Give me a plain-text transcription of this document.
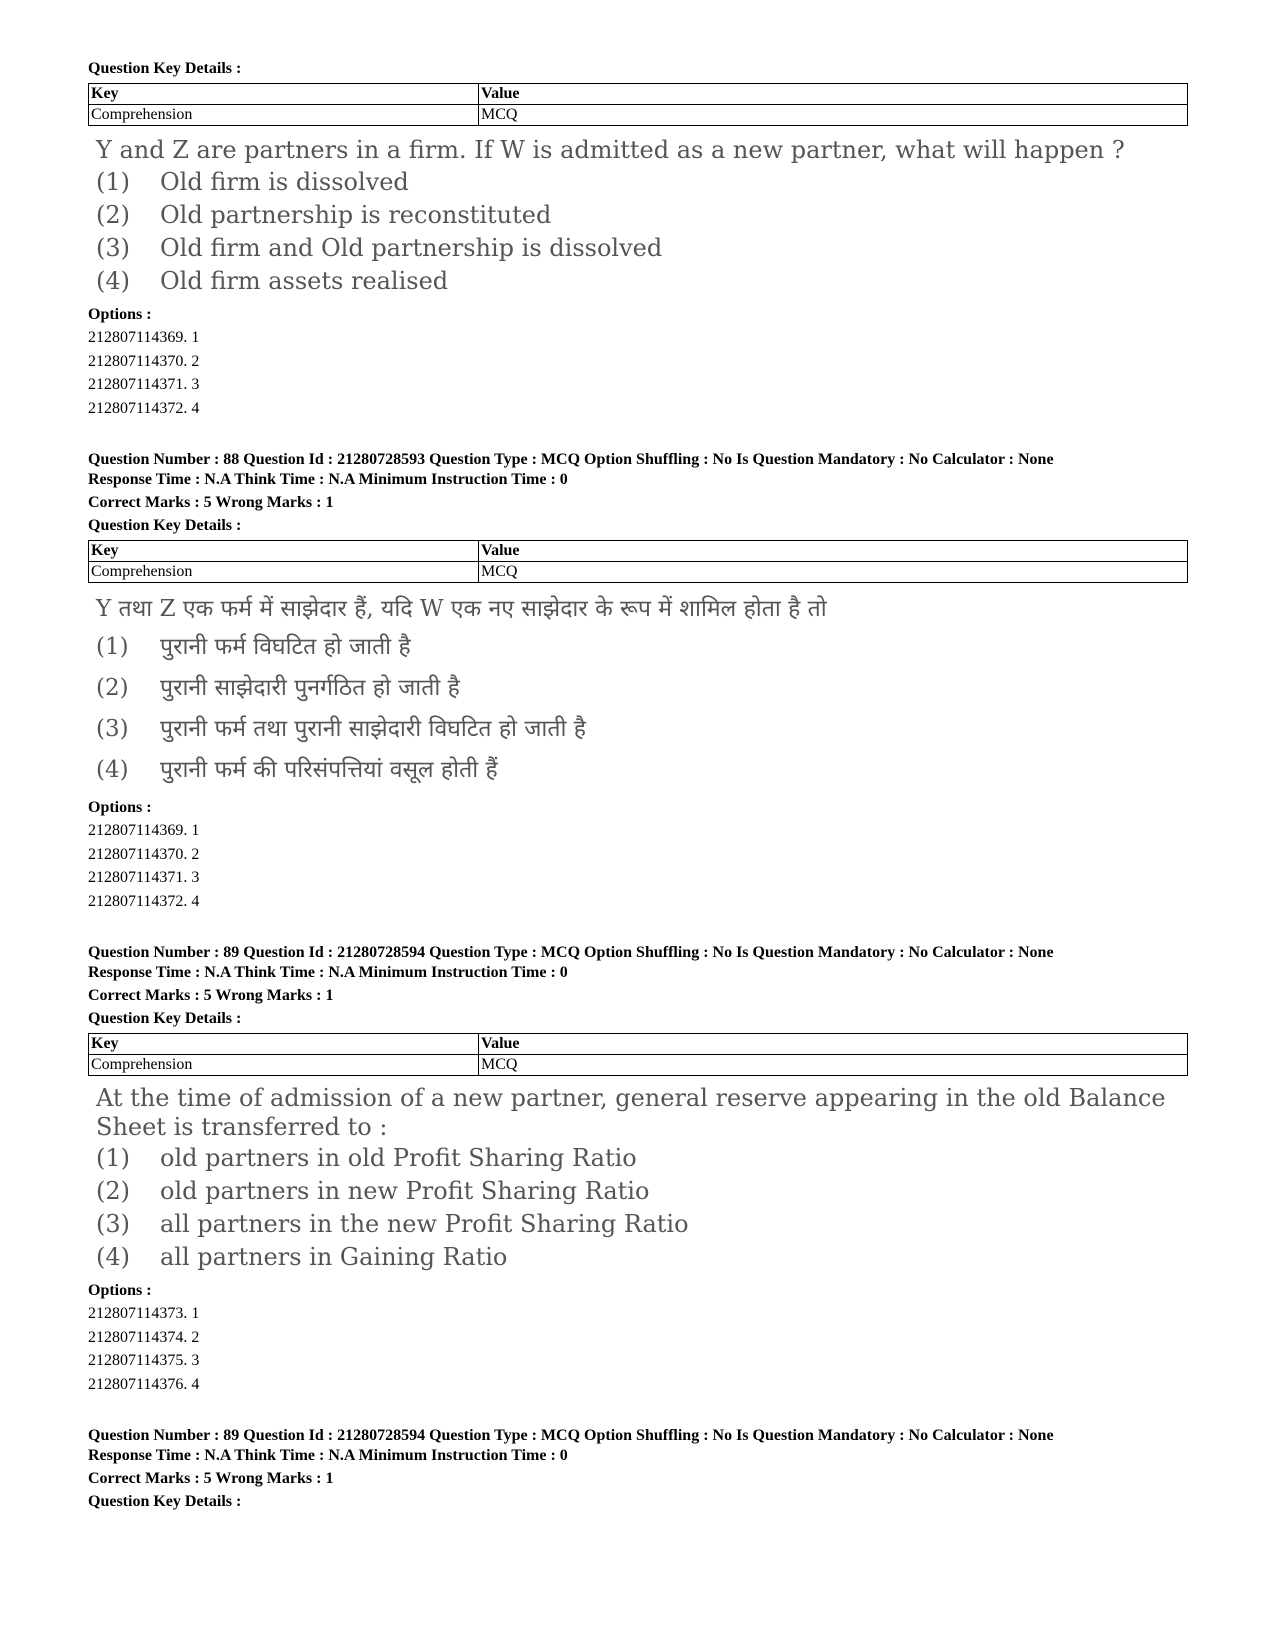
Question Key Details :
Key	Value
Comprehension	MCQ
Y and Z are partners in a firm. If W is admitted as a new partner, what will happen ?
(1)	Old firm is dissolved
(2)	Old partnership is reconstituted
(3)	Old firm and Old partnership is dissolved
(4)	Old firm assets realised
Options :
212807114369. 1
212807114370. 2
212807114371. 3
212807114372. 4
Question Number : 88 Question Id : 21280728593 Question Type : MCQ Option Shuffling : No Is Question Mandatory : No Calculator : None
Response Time : N.A Think Time : N.A Minimum Instruction Time : 0
Correct Marks : 5 Wrong Marks : 1
Question Key Details :
Key	Value
Comprehension	MCQ
Y तथा Z एक फर्म में साझेदार हैं, यदि W एक नए साझेदार के रूप में शामिल होता है तो
(1)	पुरानी फर्म विघटित हो जाती है
(2)	पुरानी साझेदारी पुनर्गठित हो जाती है
(3)	पुरानी फर्म तथा पुरानी साझेदारी विघटित हो जाती है
(4)	पुरानी फर्म की परिसंपत्तियां वसूल होती हैं
Options :
212807114369. 1
212807114370. 2
212807114371. 3
212807114372. 4
Question Number : 89 Question Id : 21280728594 Question Type : MCQ Option Shuffling : No Is Question Mandatory : No Calculator : None
Response Time : N.A Think Time : N.A Minimum Instruction Time : 0
Correct Marks : 5 Wrong Marks : 1
Question Key Details :
Key	Value
Comprehension	MCQ
At the time of admission of a new partner, general reserve appearing in the old Balance Sheet is transferred to :
(1)	old partners in old Profit Sharing Ratio
(2)	old partners in new Profit Sharing Ratio
(3)	all partners in the new Profit Sharing Ratio
(4)	all partners in Gaining Ratio
Options :
212807114373. 1
212807114374. 2
212807114375. 3
212807114376. 4
Question Number : 89 Question Id : 21280728594 Question Type : MCQ Option Shuffling : No Is Question Mandatory : No Calculator : None
Response Time : N.A Think Time : N.A Minimum Instruction Time : 0
Correct Marks : 5 Wrong Marks : 1
Question Key Details :
